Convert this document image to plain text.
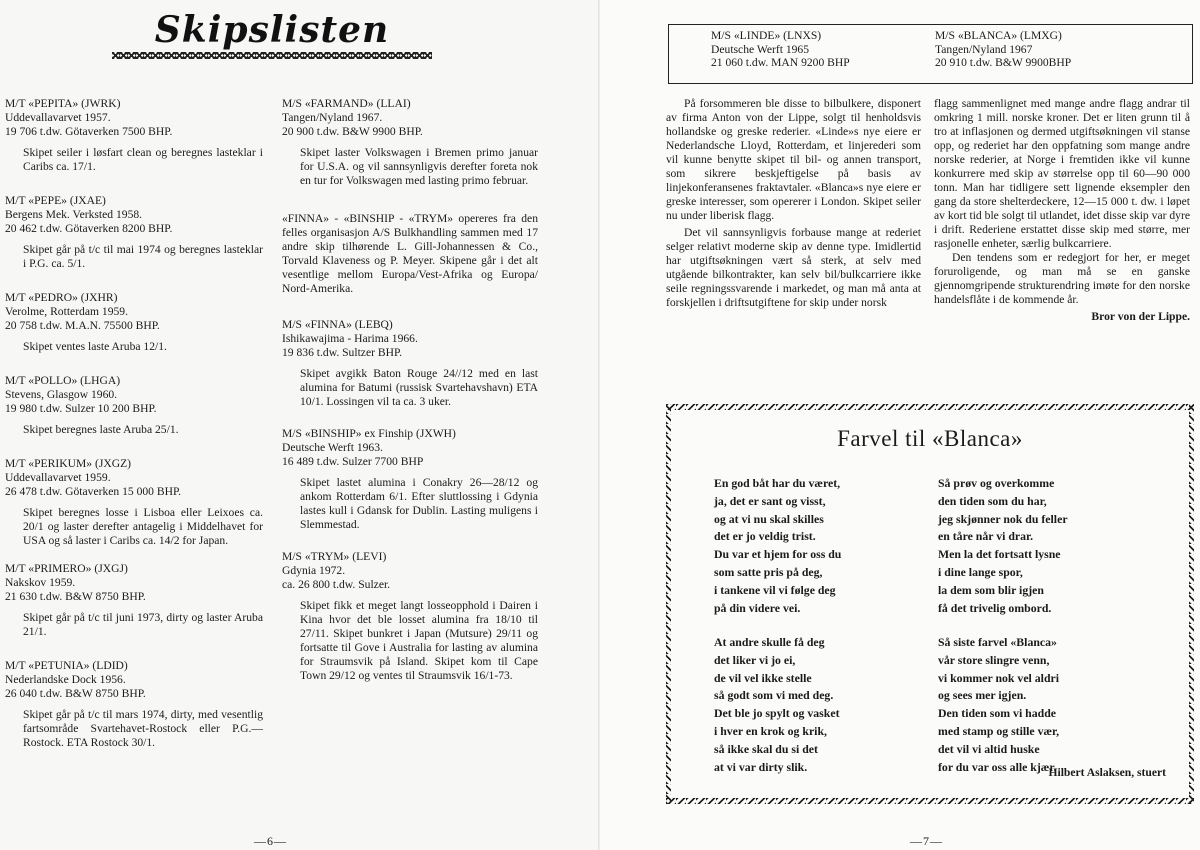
Skipslisten
M/T «PEPITA» (JWRK)
Uddevallavarvet 1957.
19 706 t.dw. Götaverken 7500 BHP.
Skipet seiler i løsfart clean og beregnes lasteklar i Caribs ca. 17/1.
M/T «PEPE» (JXAE)
Bergens Mek. Verksted 1958.
20 462 t.dw. Götaverken 8200 BHP.
Skipet går på t/c til mai 1974 og beregnes lasteklar i P.G. ca. 5/1.
M/T «PEDRO» (JXHR)
Verolme, Rotterdam 1959.
20 758 t.dw. M.A.N. 75500 BHP.
Skipet ventes laste Aruba 12/1.
M/T «POLLO» (LHGA)
Stevens, Glasgow 1960.
19 980 t.dw. Sulzer 10 200 BHP.
Skipet beregnes laste Aruba 25/1.
M/T «PERIKUM» (JXGZ)
Uddevallavarvet 1959.
26 478 t.dw. Götaverken 15 000 BHP.
Skipet beregnes losse i Lisboa eller Leixoes ca. 20/1 og laster derefter antagelig i Middelhavet for USA og så laster i Caribs ca. 14/2 for Japan.
M/T «PRIMERO» (JXGJ)
Nakskov 1959.
21 630 t.dw. B&W 8750 BHP.
Skipet går på t/c til juni 1973, dirty og laster Aruba 21/1.
M/T «PETUNIA» (LDID)
Nederlandske Dock 1956.
26 040 t.dw. B&W 8750 BHP.
Skipet går på t/c til mars 1974, dirty, med vesentlig fartsområde Svartehavet-Rostock eller P.G.—Rostock. ETA Rostock 30/1.
M/S «FARMAND» (LLAI)
Tangen/Nyland 1967.
20 900 t.dw. B&W 9900 BHP.
Skipet laster Volkswagen i Bremen primo januar for U.S.A. og vil sannsynligvis derefter foreta nok en tur for Volkswagen med lasting primo februar.
«FINNA» - «BINSHIP - «TRYM» opereres fra den felles organisasjon A/S Bulkhandling sammen med 17 andre skip tilhørende L. Gill-Johannessen & Co., Torvald Klaveness og P. Meyer. Skipene går i det alt vesentlige mellom Europa/Vest-Afrika og Europa/ Nord-Amerika.
M/S «FINNA» (LEBQ)
Ishikawajima - Harima 1966.
19 836 t.dw. Sultzer BHP.
Skipet avgikk Baton Rouge 24//12 med en last alumina for Batumi (russisk Svartehavshavn) ETA 10/1. Lossingen vil ta ca. 3 uker.
M/S «BINSHIP» ex Finship (JXWH)
Deutsche Werft 1963.
16 489 t.dw. Sulzer 7700 BHP
Skipet lastet alumina i Conakry 26—28/12 og ankom Rotterdam 6/1. Efter sluttlossing i Gdynia lastes kull i Gdansk for Dublin. Lasting muligens i Slemmestad.
M/S «TRYM» (LEVI)
Gdynia 1972.
ca. 26 800 t.dw. Sulzer.
Skipet fikk et meget langt losseopphold i Dairen i Kina hvor det ble losset alumina fra 18/10 til 27/11. Skipet bunkret i Japan (Mutsure) 29/11 og fortsatte til Gove i Australia for lasting av alumina for Straumsvik på Island. Skipet kom til Cape Town 29/12 og ventes til Straumsvik 16/1-73.
—6—
M/S «LINDE» (LNXS)
Deutsche Werft 1965
21 060 t.dw. MAN 9200 BHP
M/S «BLANCA» (LMXG)
Tangen/Nyland 1967
20 910 t.dw. B&W 9900BHP
På forsommeren ble disse to bilbulkere, disponert av firma Anton von der Lippe, solgt til henholdsvis hollandske og greske rederier. «Linde»s nye eiere er Nederlandsche Lloyd, Rotterdam, et linjerederi som vil kunne benytte skipet til bil- og annen transport, som sikrere beskjeftigelse på basis av linjekonferansenes fraktavtaler. «Blanca»s nye eiere er greske interesser, som opererer i London. Skipet seiler nu under liberisk flagg.
Det vil sannsynligvis forbause mange at rederiet selger relativt moderne skip av denne type. Imidlertid har utgiftsøkningen vært så sterk, at selv med utgående bilkontrakter, kan selv bil/bulkcarriere ikke seile regningssvarende i markedet, og man må anta at forskjellen i driftsutgiftene for skip under norsk
flagg sammenlignet med mange andre flagg andrar til omkring 1 mill. norske kroner. Det er liten grunn til å tro at inflasjonen og dermed utgiftsøkningen vil stanse opp, og rederiet har den oppfatning som mange andre norske rederier, at Norge i fremtiden ikke vil kunne konkurrere med skip av størrelse opp til 60—90 000 tonn. Man har tidligere sett lignende eksempler den gang da store shelterdeckere, 12—15 000 t. dw. i løpet av kort tid ble solgt til utlandet, idet disse skip var dyre i drift. Rederiene erstattet disse skip med større, mer rasjonelle enheter, særlig bulkcarriere.
Den tendens som er redegjort for her, er meget foruroligende, og man må se en ganske gjennomgripende strukturendring imøte for den norske handelsflåte i de kommende år.
Bror von der Lippe.
Farvel til «Blanca»
En god båt har du været,
ja, det er sant og visst,
og at vi nu skal skilles
det er jo veldig trist.
Du var et hjem for oss du
som satte pris på deg,
i tankene vil vi følge deg
på din videre vei.
At andre skulle få deg
det liker vi jo ei,
de vil vel ikke stelle
så godt som vi med deg.
Det ble jo spylt og vasket
i hver en krok og krik,
så ikke skal du si det
at vi var dirty slik.
Så prøv og overkomme
den tiden som du har,
jeg skjønner nok du feller
en tåre når vi drar.
Men la det fortsatt lysne
i dine lange spor,
la dem som blir igjen
få det trivelig ombord.
Så siste farvel «Blanca»
vår store slingre venn,
vi kommer nok vel aldri
og sees mer igjen.
Den tiden som vi hadde
med stamp og stille vær,
det vil vi altid huske
for du var oss alle kjær.
Hilbert Aslaksen, stuert
—7—
